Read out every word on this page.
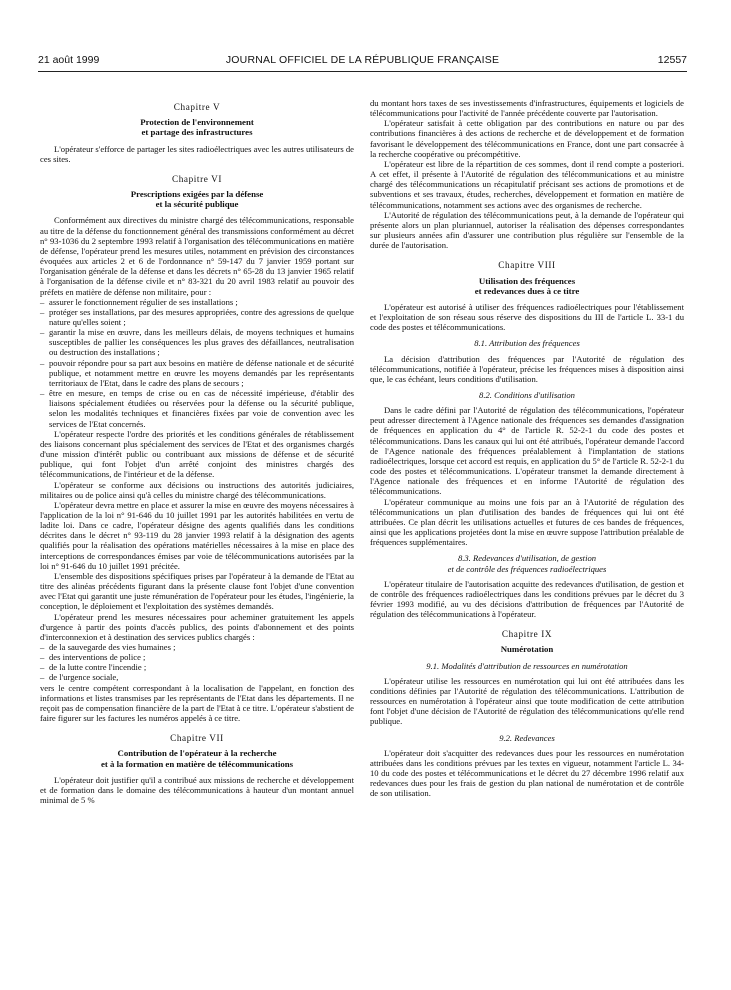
21 août 1999	JOURNAL OFFICIEL DE LA RÉPUBLIQUE FRANÇAISE	12557
Chapitre V
Protection de l'environnement
et partage des infrastructures

L'opérateur s'efforce de partager les sites radioélectriques avec les autres utilisateurs de ces sites.

Chapitre VI
Prescriptions exigées par la défense
et la sécurité publique

Conformément aux directives du ministre chargé des télécommunications, responsable au titre de la défense du fonctionnement général des transmissions conformément au décret n° 93-1036 du 2 septembre 1993 relatif à l'organisation des télécommunications en matière de défense, l'opérateur prend les mesures utiles, notamment en prévision des circonstances évoquées aux articles 2 et 6 de l'ordonnance n° 59-147 du 7 janvier 1959 portant sur l'organisation générale de la défense et dans les décrets n° 65-28 du 13 janvier 1965 relatif à l'organisation de la défense civile et n° 83-321 du 20 avril 1983 relatif au pouvoir des préfets en matière de défense non militaire, pour :

– assurer le fonctionnement régulier de ses installations ;
– protéger ses installations, par des mesures appropriées, contre des agressions de quelque nature qu'elles soient ;
– garantir la mise en œuvre, dans les meilleurs délais, de moyens techniques et humains susceptibles de pallier les conséquences les plus graves des défaillances, neutralisation ou destruction des installations ;
– pouvoir répondre pour sa part aux besoins en matière de défense nationale et de sécurité publique, et notamment mettre en œuvre les moyens demandés par les représentants territoriaux de l'Etat, dans le cadre des plans de secours ;
– être en mesure, en temps de crise ou en cas de nécessité impérieuse, d'établir des liaisons spécialement étudiées ou réservées pour la défense ou la sécurité publique, selon les modalités techniques et financières fixées par voie de convention avec les services de l'Etat concernés.

L'opérateur respecte l'ordre des priorités et les conditions générales de rétablissement des liaisons concernant plus spécialement des services de l'Etat et des organismes chargés d'une mission d'intérêt public ou contribuant aux missions de défense et de sécurité publique, qui font l'objet d'un arrêté conjoint des ministres chargés des télécommunications, de l'intérieur et de la défense.

L'opérateur se conforme aux décisions ou instructions des autorités judiciaires, militaires ou de police ainsi qu'à celles du ministre chargé des télécommunications.

L'opérateur devra mettre en place et assurer la mise en œuvre des moyens nécessaires à l'application de la loi n° 91-646 du 10 juillet 1991 par les autorités habilitées en vertu de ladite loi. Dans ce cadre, l'opérateur désigne des agents qualifiés dans les conditions décrites dans le décret n° 93-119 du 28 janvier 1993 relatif à la désignation des agents qualifiés pour la réalisation des opérations matérielles nécessaires à la mise en place des interceptions de correspondances émises par voie de télécommunications autorisées par la loi n° 91-646 du 10 juillet 1991 précitée.

L'ensemble des dispositions spécifiques prises par l'opérateur à la demande de l'Etat au titre des alinéas précédents figurant dans la présente clause font l'objet d'une convention avec l'Etat qui garantit une juste rémunération de l'opérateur pour les études, l'ingénierie, la conception, le déploiement et l'exploitation des systèmes demandés.

L'opérateur prend les mesures nécessaires pour acheminer gratuitement les appels d'urgence à partir des points d'accès publics, des points d'abonnement et des points d'interconnexion et à destination des services publics chargés :

– de la sauvegarde des vies humaines ;
– des interventions de police ;
– de la lutte contre l'incendie ;
– de l'urgence sociale,

vers le centre compétent correspondant à la localisation de l'appelant, en fonction des informations et listes transmises par les représentants de l'Etat dans les départements. Il ne reçoit pas de compensation financière de la part de l'Etat à ce titre. L'opérateur s'abstient de faire figurer sur les factures les numéros appelés à ce titre.

Chapitre VII
Contribution de l'opérateur à la recherche
et à la formation en matière de télécommunications

L'opérateur doit justifier qu'il a contribué aux missions de recherche et développement et de formation dans le domaine des télécommunications à hauteur d'un montant annuel minimal de 5 %

du montant hors taxes de ses investissements d'infrastructures, équipements et logiciels de télécommunications pour l'activité de l'année précédente couverte par l'autorisation.

L'opérateur satisfait à cette obligation par des contributions en nature ou par des contributions financières à des actions de recherche et de développement et de formation favorisant le développement des télécommunications en France, dont une part consacrée à la recherche coopérative ou précompétitive.

L'opérateur est libre de la répartition de ces sommes, dont il rend compte a posteriori. A cet effet, il présente à l'Autorité de régulation des télécommunications et au ministre chargé des télécommunications un récapitulatif précisant ses actions de promotions et de subventions et ses travaux, études, recherches, développement et formation en matière de télécommunications, notamment ses actions avec des organismes de recherche.

L'Autorité de régulation des télécommunications peut, à la demande de l'opérateur qui présente alors un plan pluriannuel, autoriser la réalisation des dépenses correspondantes sur plusieurs années afin d'assurer une contribution plus régulière sur l'ensemble de la durée de l'autorisation.

Chapitre VIII
Utilisation des fréquences
et redevances dues à ce titre

L'opérateur est autorisé à utiliser des fréquences radioélectriques pour l'établissement et l'exploitation de son réseau sous réserve des dispositions du III de l'article L. 33-1 du code des postes et télécommunications.

8.1. Attribution des fréquences

La décision d'attribution des fréquences par l'Autorité de régulation des télécommunications, notifiée à l'opérateur, précise les fréquences mises à disposition ainsi que, le cas échéant, leurs conditions d'utilisation.

8.2. Conditions d'utilisation

Dans le cadre défini par l'Autorité de régulation des télécommunications, l'opérateur peut adresser directement à l'Agence nationale des fréquences ses demandes d'assignation de fréquences en application du 4° de l'article R. 52-2-1 du code des postes et télécommunications. Dans les canaux qui lui ont été attribués, l'opérateur demande l'accord de l'Agence nationale des fréquences préalablement à l'implantation de stations radioélectriques, lorsque cet accord est requis, en application du 5° de l'article R. 52-2-1 du code des postes et télécommunications. L'opérateur transmet la demande directement à l'Agence nationale des fréquences et en informe l'Autorité de régulation des télécommunications.

L'opérateur communique au moins une fois par an à l'Autorité de régulation des télécommunications un plan d'utilisation des bandes de fréquences qui lui ont été attribuées. Ce plan décrit les utilisations actuelles et futures de ces bandes de fréquences, ainsi que les applications projetées dont la mise en œuvre suppose l'attribution préalable de fréquences supplémentaires.

8.3. Redevances d'utilisation, de gestion
et de contrôle des fréquences radioélectriques

L'opérateur titulaire de l'autorisation acquitte des redevances d'utilisation, de gestion et de contrôle des fréquences radioélectriques dans les conditions prévues par le décret du 3 février 1993 modifié, au vu des décisions d'attribution de fréquences par l'Autorité de régulation des télécommunications à l'opérateur.

Chapitre IX
Numérotation
9.1. Modalités d'attribution de ressources en numérotation

L'opérateur utilise les ressources en numérotation qui lui ont été attribuées dans les conditions définies par l'Autorité de régulation des télécommunications. L'attribution de ressources en numérotation à l'opérateur ainsi que toute modification de cette attribution font l'objet d'une décision de l'Autorité de régulation des télécommunications qu'elle rend publique.

9.2. Redevances

L'opérateur doit s'acquitter des redevances dues pour les ressources en numérotation attribuées dans les conditions prévues par les textes en vigueur, notamment l'article L. 34-10 du code des postes et télécommunications et le décret du 27 décembre 1996 relatif aux redevances dues pour les frais de gestion du plan national de numérotation et de contrôle de son utilisation.
